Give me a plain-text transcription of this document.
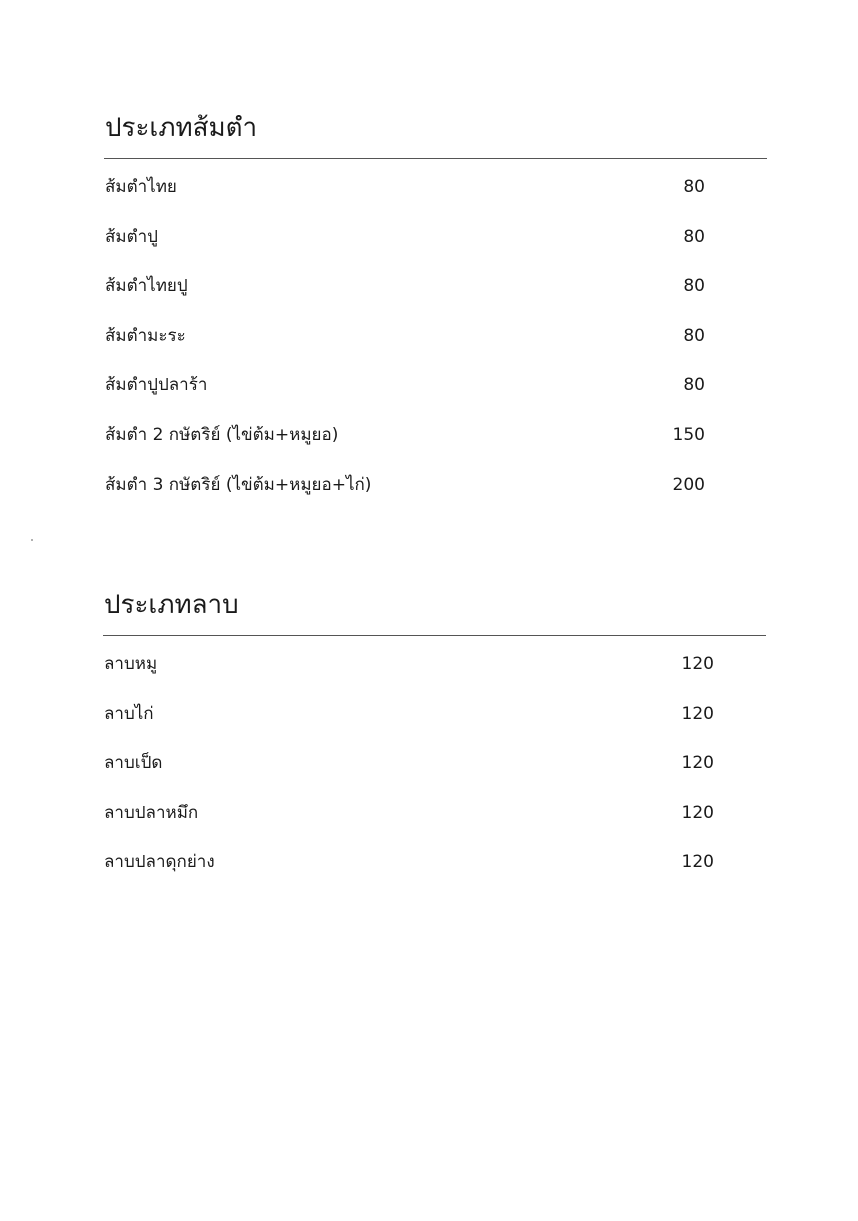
ประเภทส้มตำ
ส้มตำไทย	80
ส้มตำปู	80
ส้มตำไทยปู	80
ส้มตำมะระ	80
ส้มตำปูปลาร้า	80
ส้มตำ 2 กษัตริย์ (ไข่ต้ม+หมูยอ)	150
ส้มตำ 3 กษัตริย์ (ไข่ต้ม+หมูยอ+ไก่)	200
ประเภทลาบ
ลาบหมู	120
ลาบไก่	120
ลาบเป็ด	120
ลาบปลาหมึก	120
ลาบปลาดุกย่าง	120
